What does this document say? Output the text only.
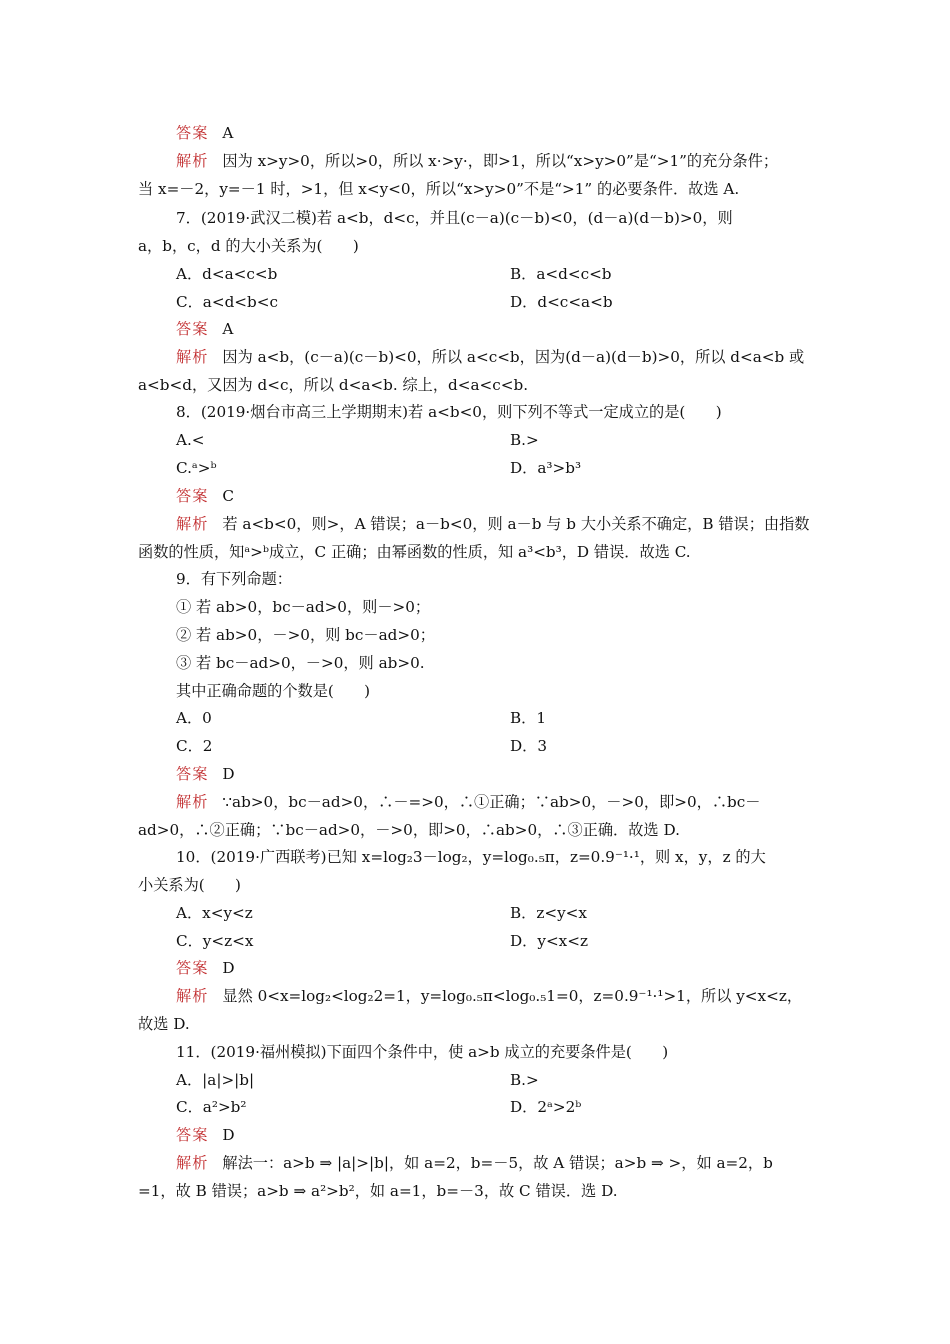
答案 A
解析 因为 x>y>0，所以>0，所以 x·>y·，即>1，所以“x>y>0”是“>1”的充分条件；
当 x=－2，y=－1 时，>1，但 x<y<0，所以“x>y>0”不是“>1” 的必要条件．故选 A.
7．(2019·武汉二模)若 a<b，d<c，并且(c－a)(c－b)<0，(d－a)(d－b)>0，则
a，b，c，d 的大小关系为(　　)
A．d<a<c<b	B．a<d<c<b
C．a<d<b<c	D．d<c<a<b
答案 A
解析 因为 a<b，(c－a)(c－b)<0，所以 a<c<b，因为(d－a)(d－b)>0，所以 d<a<b 或
a<b<d，又因为 d<c，所以 d<a<b. 综上，d<a<c<b.
8．(2019·烟台市高三上学期期末)若 a<b<0，则下列不等式一定成立的是(　　)
A.<	B.>
C.ᵃ>ᵇ	D．a³>b³
答案 C
解析 若 a<b<0，则>，A 错误；a－b<0，则 a－b 与 b 大小关系不确定，B 错误；由指数
函数的性质，知ᵃ>ᵇ成立，C 正确；由幂函数的性质，知 a³<b³，D 错误．故选 C.
9．有下列命题：
① 若 ab>0，bc－ad>0，则－>0；
② 若 ab>0，－>0，则 bc－ad>0；
③ 若 bc－ad>0，－>0，则 ab>0.
其中正确命题的个数是(　　)
A．0	B．1
C．2	D．3
答案 D
解析 ∵ab>0，bc－ad>0，∴－=>0，∴①正确；∵ab>0，－>0，即>0，∴bc－
ad>0，∴②正确；∵bc－ad>0，－>0，即>0，∴ab>0，∴③正确．故选 D.
10．(2019·广西联考)已知 x=log₂3－log₂，y=log₀.₅π，z=0.9⁻¹·¹，则 x，y，z 的大
小关系为(　　)
A．x<y<z	B．z<y<x
C．y<z<x	D．y<x<z
答案 D
解析 显然 0<x=log₂<log₂2=1，y=log₀.₅π<log₀.₅1=0，z=0.9⁻¹·¹>1，所以 y<x<z，
故选 D.
11．(2019·福州模拟)下面四个条件中，使 a>b 成立的充要条件是(　　)
A．|a|>|b|	B.>
C．a²>b²	D．2ᵃ>2ᵇ
答案 D
解析 解法一：a>b ⇒ |a|>|b|，如 a=2，b=－5，故 A 错误；a>b ⇒ >，如 a=2，b
=1，故 B 错误；a>b ⇒ a²>b²，如 a=1，b=－3，故 C 错误．选 D.
